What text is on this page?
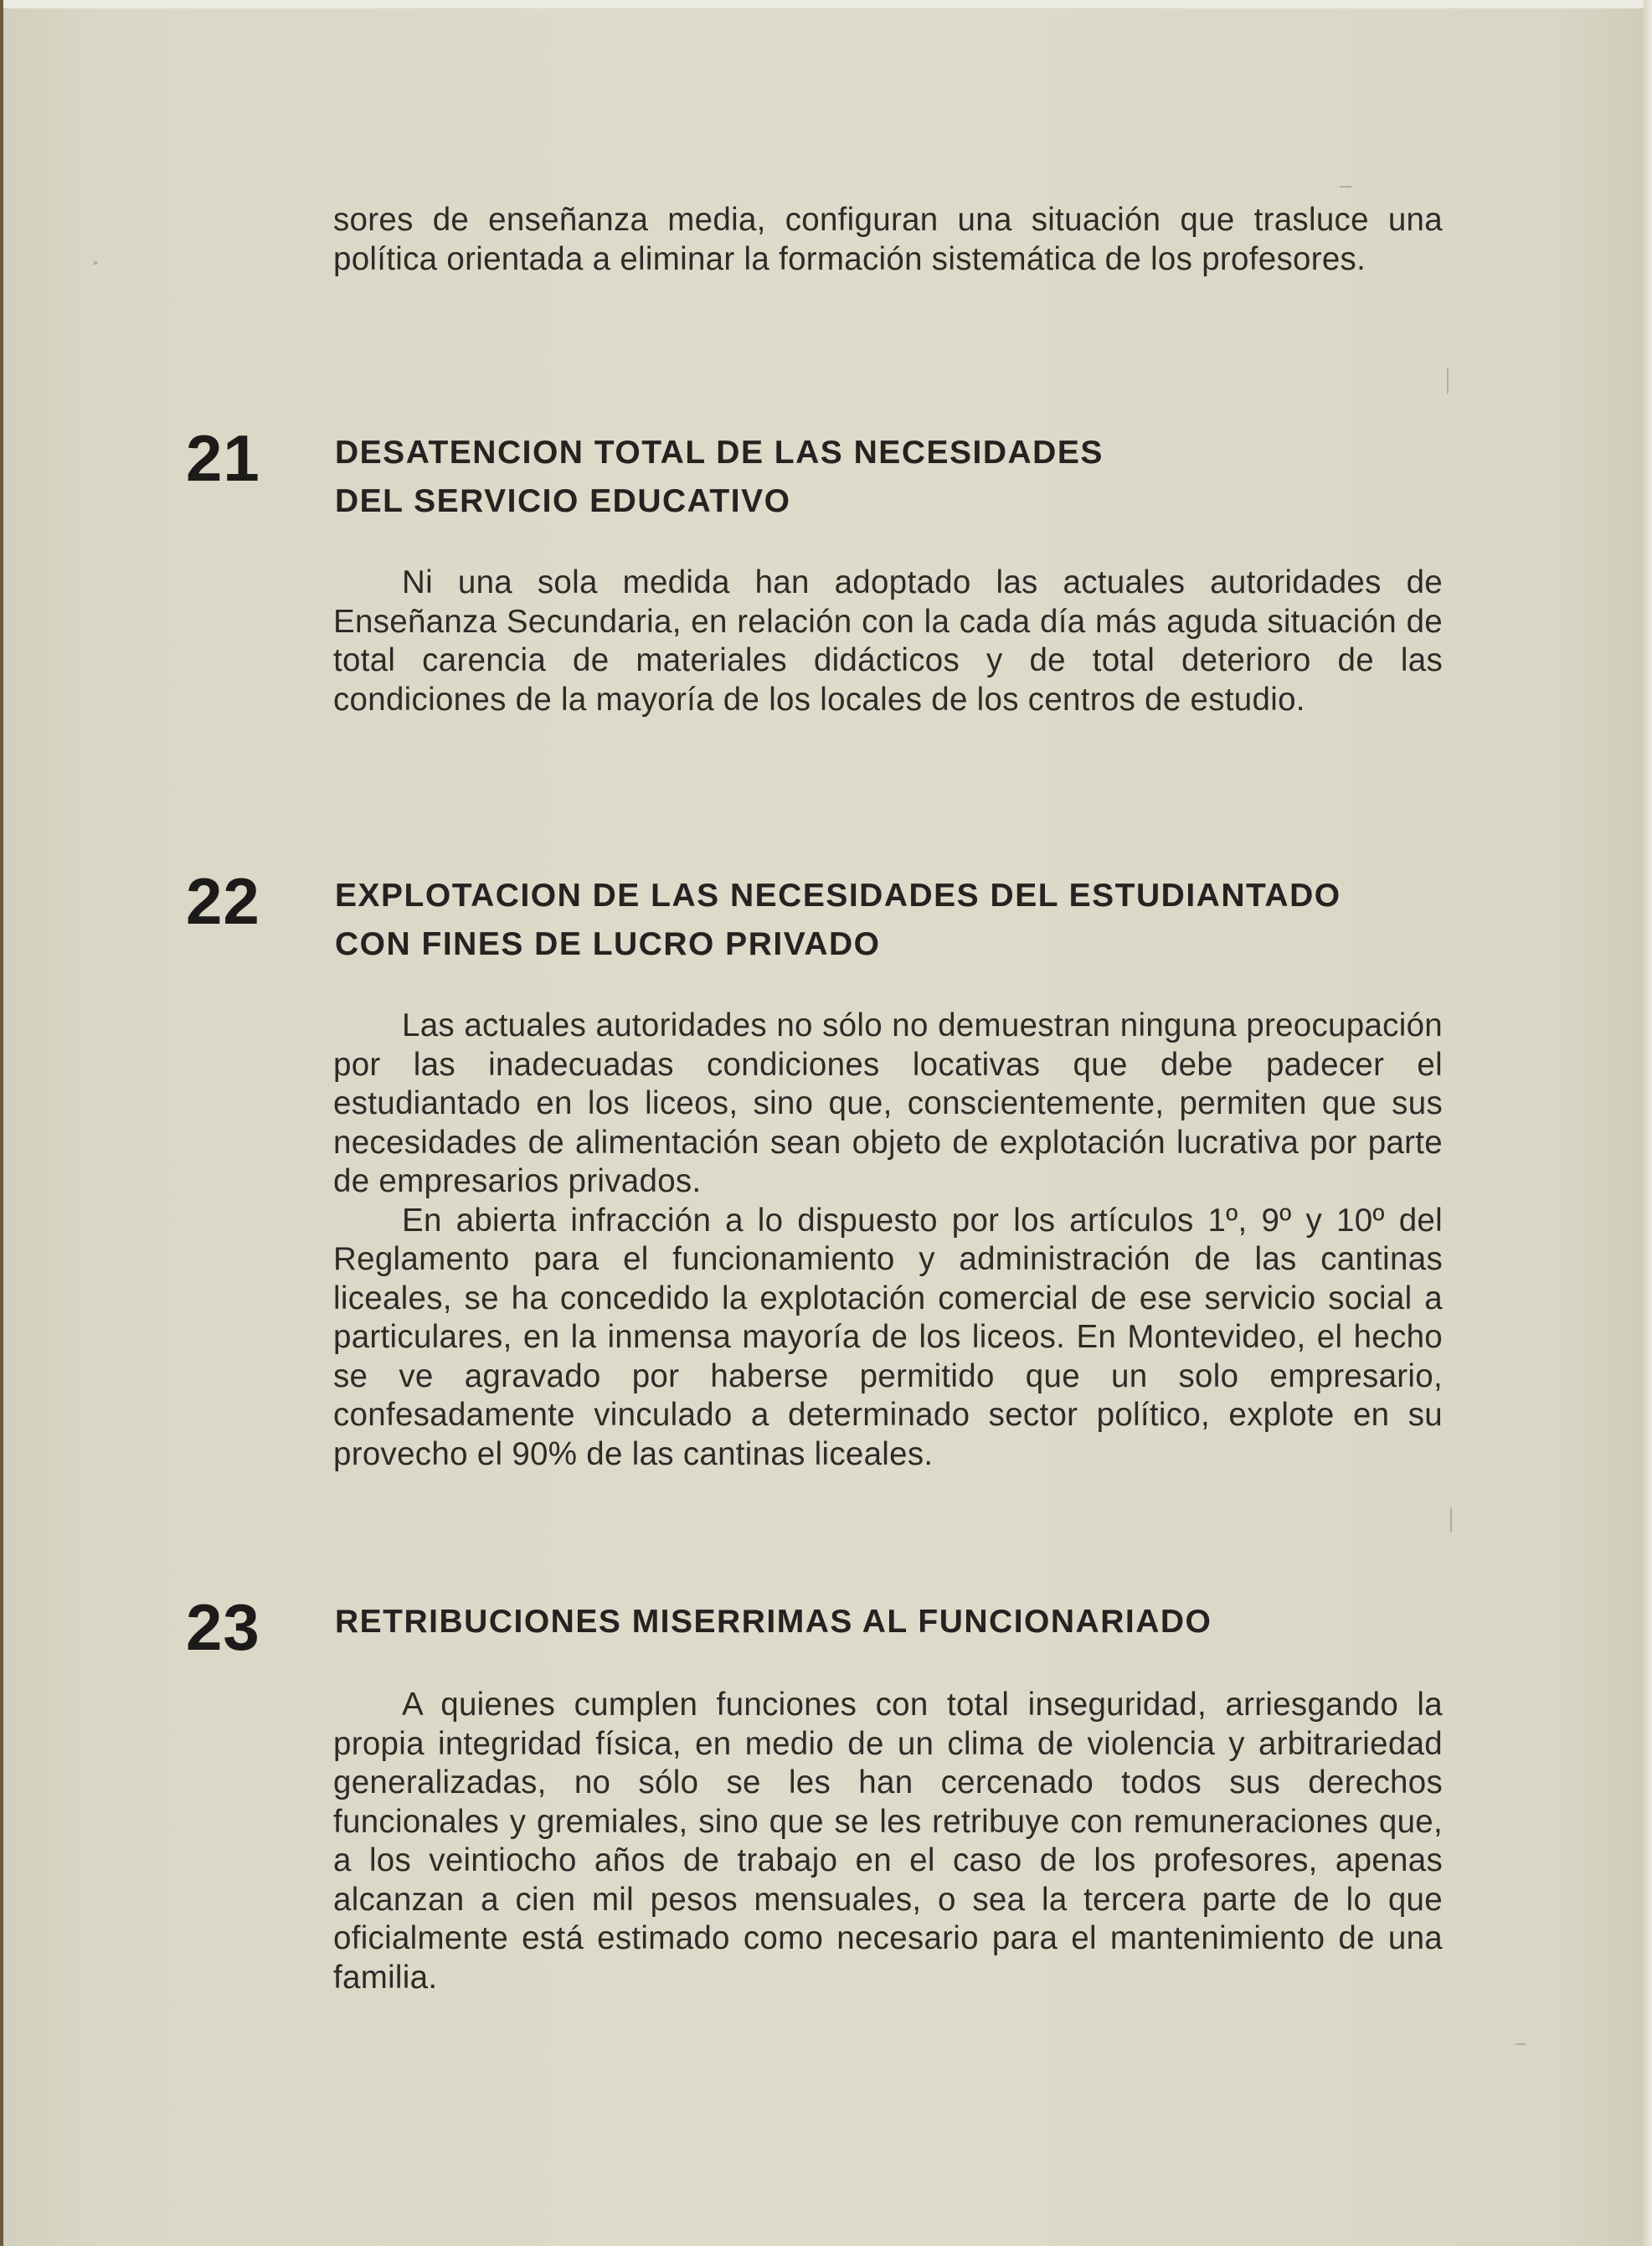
sores de enseñanza media, configuran una situación que trasluce una política orientada a eliminar la formación sistemática de los profesores.

21 DESATENCION TOTAL DE LAS NECESIDADES
DEL SERVICIO EDUCATIVO

Ni una sola medida han adoptado las actuales autoridades de Enseñanza Secundaria, en relación con la cada día más aguda situación de total carencia de materiales didácticos y de total deterioro de las condiciones de la mayoría de los locales de los centros de estudio.

22 EXPLOTACION DE LAS NECESIDADES DEL ESTUDIANTADO
CON FINES DE LUCRO PRIVADO

Las actuales autoridades no sólo no demuestran ninguna preocupación por las inadecuadas condiciones locativas que debe padecer el estudiantado en los liceos, sino que, conscientemente, permiten que sus necesidades de alimentación sean objeto de explotación lucrativa por parte de empresarios privados.

En abierta infracción a lo dispuesto por los artículos 1º, 9º y 10º del Reglamento para el funcionamiento y administración de las cantinas liceales, se ha concedido la explotación comercial de ese servicio social a particulares, en la inmensa mayoría de los liceos. En Montevideo, el hecho se ve agravado por haberse permitido que un solo empresario, confesadamente vinculado a determinado sector político, explote en su provecho el 90% de las cantinas liceales.

23 RETRIBUCIONES MISERRIMAS AL FUNCIONARIADO

A quienes cumplen funciones con total inseguridad, arriesgando la propia integridad física, en medio de un clima de violencia y arbitrariedad generalizadas, no sólo se les han cercenado todos sus derechos funcionales y gremiales, sino que se les retribuye con remuneraciones que, a los veintiocho años de trabajo en el caso de los profesores, apenas alcanzan a cien mil pesos mensuales, o sea la tercera parte de lo que oficialmente está estimado como necesario para el mantenimiento de una familia.
